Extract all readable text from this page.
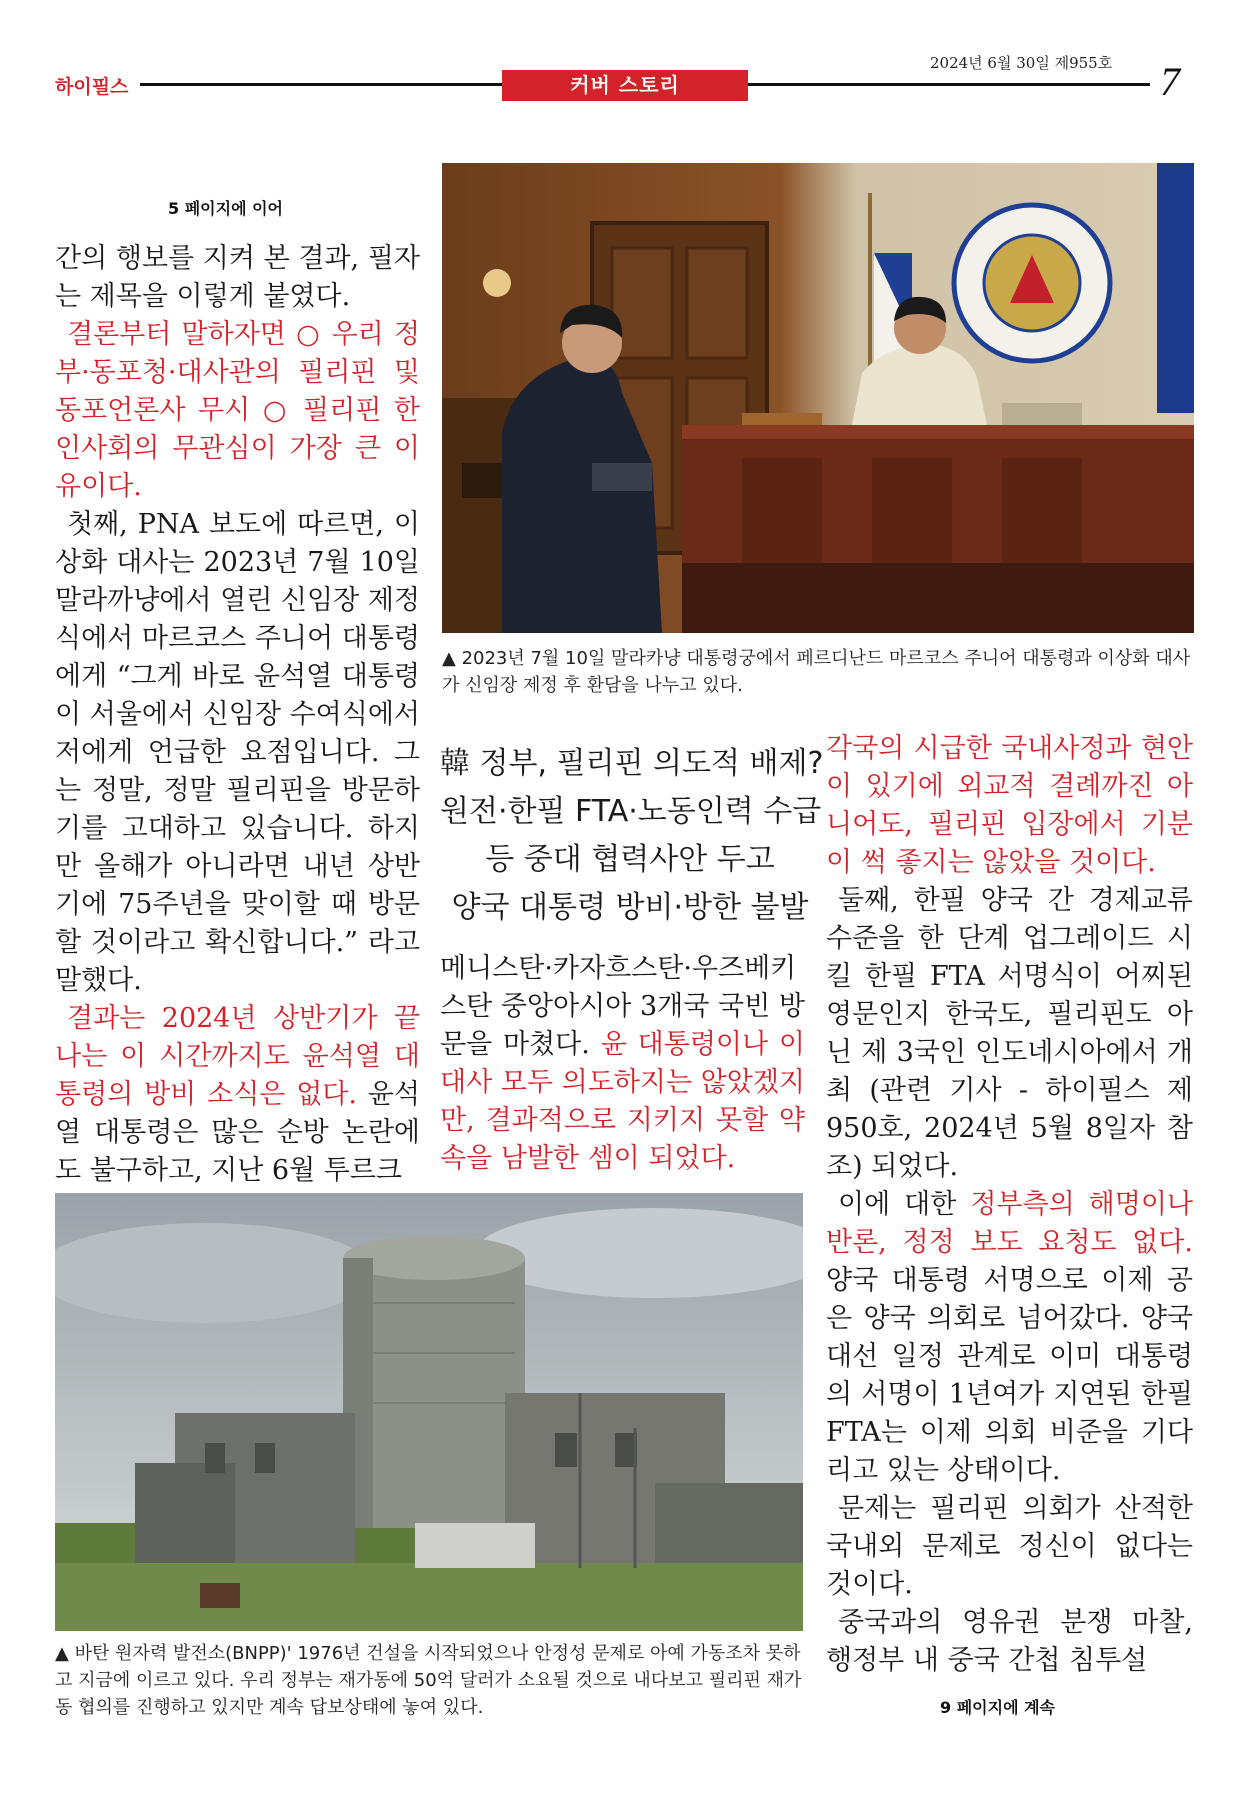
하이필스	커버 스토리
2024년 6월 30일 제955호 7
5 페이지에 이어

간의 행보를 지켜 본 결과, 필자는 제목을 이렇게 붙였다.

결론부터 말하자면 ○ 우리 정부·동포청·대사관의 필리핀 및 동포언론사 무시 ○ 필리핀 한인사회의 무관심이 가장 큰 이유이다.

첫째, PNA 보도에 따르면, 이상화 대사는 2023년 7월 10일 말라까냥에서 열린 신임장 제정식에서 마르코스 주니어 대통령에게 “그게 바로 윤석열 대통령이 서울에서 신임장 수여식에서 저에게 언급한 요점입니다. 그는 정말, 정말 필리핀을 방문하기를 고대하고 있습니다. 하지만 올해가 아니라면 내년 상반기에 75주년을 맞이할 때 방문할 것이라고 확신합니다.” 라고 말했다.

결과는 2024년 상반기가 끝나는 이 시간까지도 윤석열 대통령의 방비 소식은 없다. 윤석열 대통령은 많은 순방 논란에도 불구하고, 지난 6월 투르크

▲ 2023년 7월 10일 말라카냥 대통령궁에서 페르디난드 마르코스 주니어 대통령과 이상화 대사가 신임장 제정 후 환담을 나누고 있다.
韓 정부, 필리핀 의도적 배제?
원전·한필 FTA·노동인력 수급
등 중대 협력사안 두고
양국 대통령 방비·방한 불발

메니스탄·카자흐스탄·우즈베키스탄 중앙아시아 3개국 국빈 방문을 마쳤다. 윤 대통령이나 이 대사 모두 의도하지는 않았겠지만, 결과적으로 지키지 못할 약속을 남발한 셈이 되었다.

각국의 시급한 국내사정과 현안이 있기에 외교적 결례까진 아니어도, 필리핀 입장에서 기분이 썩 좋지는 않았을 것이다.

둘째, 한필 양국 간 경제교류 수준을 한 단계 업그레이드 시킬 한필 FTA 서명식이 어찌된 영문인지 한국도, 필리핀도 아닌 제 3국인 인도네시아에서 개최 (관련 기사 - 하이필스 제950호, 2024년 5월 8일자 참조) 되었다.

이에 대한 정부측의 해명이나 반론, 정정 보도 요청도 없다. 양국 대통령 서명으로 이제 공은 양국 의회로 넘어갔다. 양국 대선 일정 관계로 이미 대통령의 서명이 1년여가 지연된 한필 FTA는 이제 의회 비준을 기다리고 있는 상태이다.

문제는 필리핀 의회가 산적한 국내외 문제로 정신이 없다는 것이다.

중국과의 영유권 분쟁 마찰, 행정부 내 중국 간첩 침투설

▲ 바탄 원자력 발전소(BNPP)' 1976년 건설을 시작되었으나 안정성 문제로 아예 가동조차 못하고 지금에 이르고 있다. 우리 정부는 재가동에 50억 달러가 소요될 것으로 내다보고 필리핀 재가동 협의를 진행하고 있지만 계속 답보상태에 놓여 있다.	9 페이지에 계속
